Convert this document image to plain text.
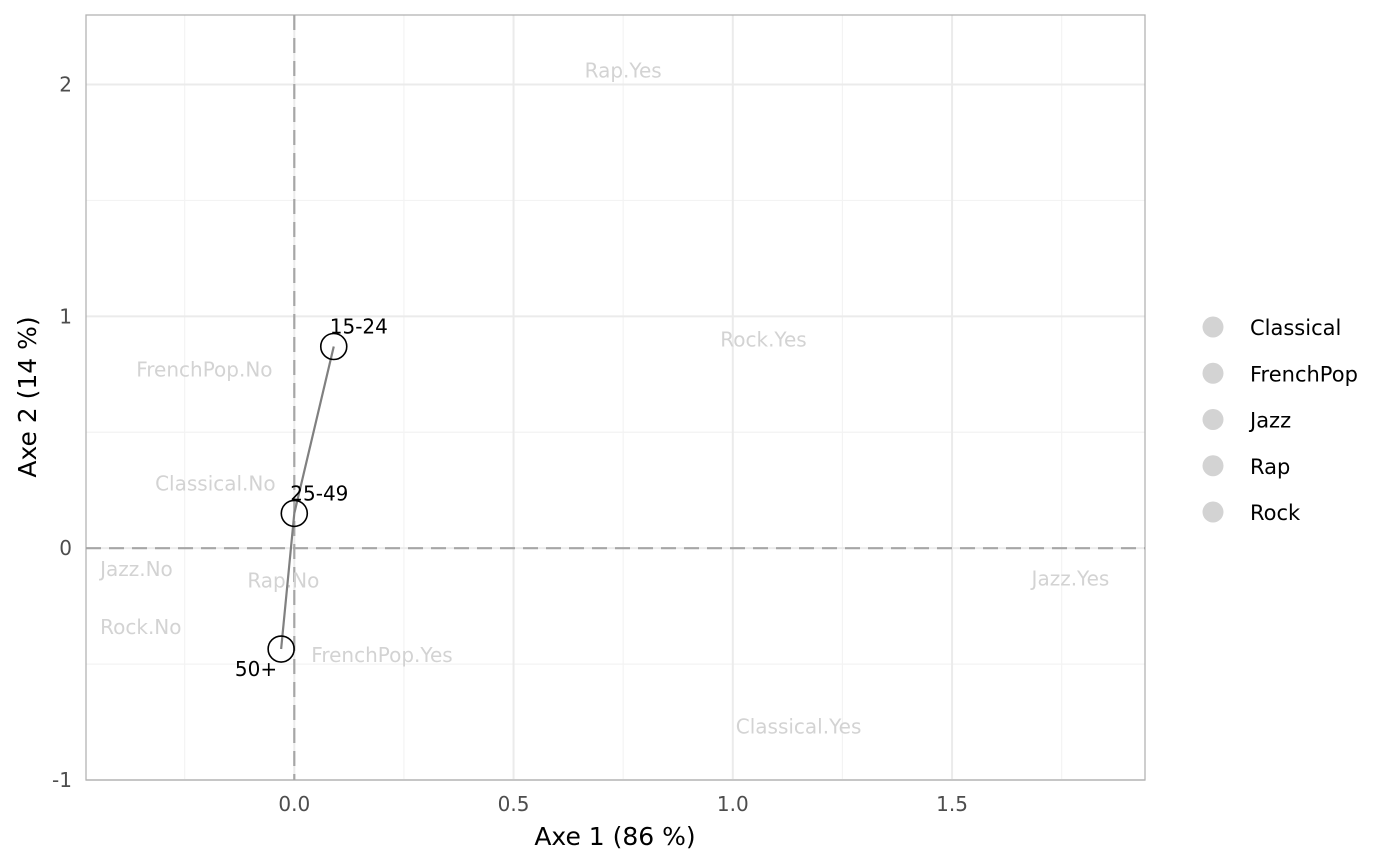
0.0	0.5	1.0	1.5
-1
0
1
2
Rap.Yes
Rock.Yes
FrenchPop.No
Classical.No
Jazz.No	Rap.No	Jazz.Yes
Rock.No
FrenchPop.Yes
Classical.Yes
15-24
25-49
50+
Classical
FrenchPop
Jazz
Rap
Rock
Axe 1 (86 %)
Axe 2 (14 %)
